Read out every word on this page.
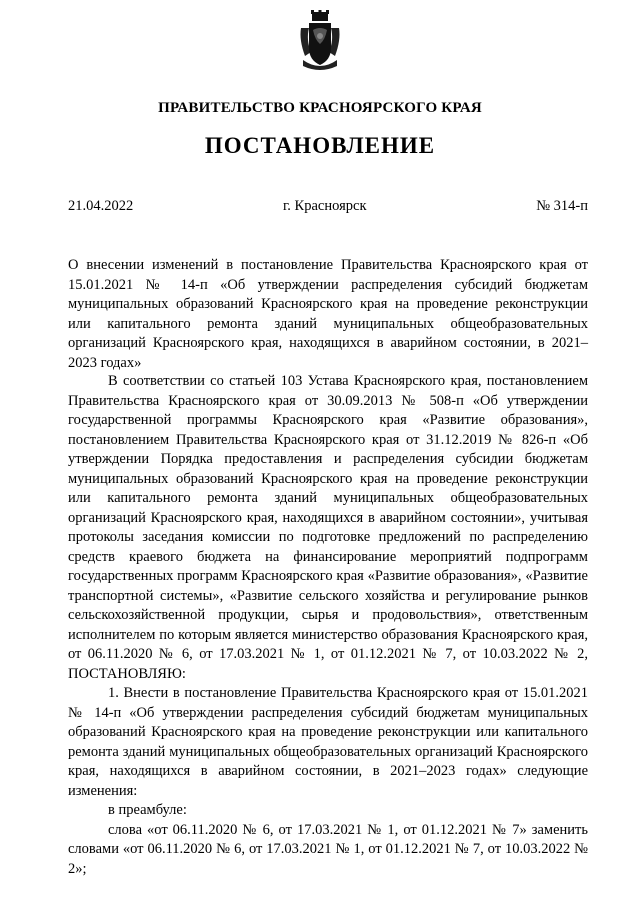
ПРАВИТЕЛЬСТВО КРАСНОЯРСКОГО КРАЯ
ПОСТАНОВЛЕНИЕ
21.04.2022	г. Красноярск	№ 314-п
О внесении изменений в постановление Правительства Красноярского края от 15.01.2021 № 14-п «Об утверждении распределения субсидий бюджетам муниципальных образований Красноярского края на проведение реконструкции или капитального ремонта зданий муниципальных общеобразовательных организаций Красноярского края, находящихся в аварийном состоянии, в 2021–2023 годах»

В соответствии со статьей 103 Устава Красноярского края, постановлением Правительства Красноярского края от 30.09.2013 № 508-п «Об утверждении государственной программы Красноярского края «Развитие образования», постановлением Правительства Красноярского края от 31.12.2019 № 826-п «Об утверждении Порядка предоставления и распределения субсидии бюджетам муниципальных образований Красноярского края на проведение реконструкции или капитального ремонта зданий муниципальных общеобразовательных организаций Красноярского края, находящихся в аварийном состоянии», учитывая протоколы заседания комиссии по подготовке предложений по распределению средств краевого бюджета на финансирование мероприятий подпрограмм государственных программ Красноярского края «Развитие образования», «Развитие транспортной системы», «Развитие сельского хозяйства и регулирование рынков сельскохозяйственной продукции, сырья и продовольствия», ответственным исполнителем по которым является министерство образования Красноярского края, от 06.11.2020 № 6, от 17.03.2021 № 1, от 01.12.2021 № 7, от 10.03.2022 № 2, ПОСТАНОВЛЯЮ:

1. Внести в постановление Правительства Красноярского края от 15.01.2021 № 14-п «Об утверждении распределения субсидий бюджетам муниципальных образований Красноярского края на проведение реконструкции или капитального ремонта зданий муниципальных общеобразовательных организаций Красноярского края, находящихся в аварийном состоянии, в 2021–2023 годах» следующие изменения:

в преамбуле:

слова «от 06.11.2020 № 6, от 17.03.2021 № 1, от 01.12.2021 № 7» заменить словами «от 06.11.2020 № 6, от 17.03.2021 № 1, от 01.12.2021 № 7, от 10.03.2022 № 2»;
